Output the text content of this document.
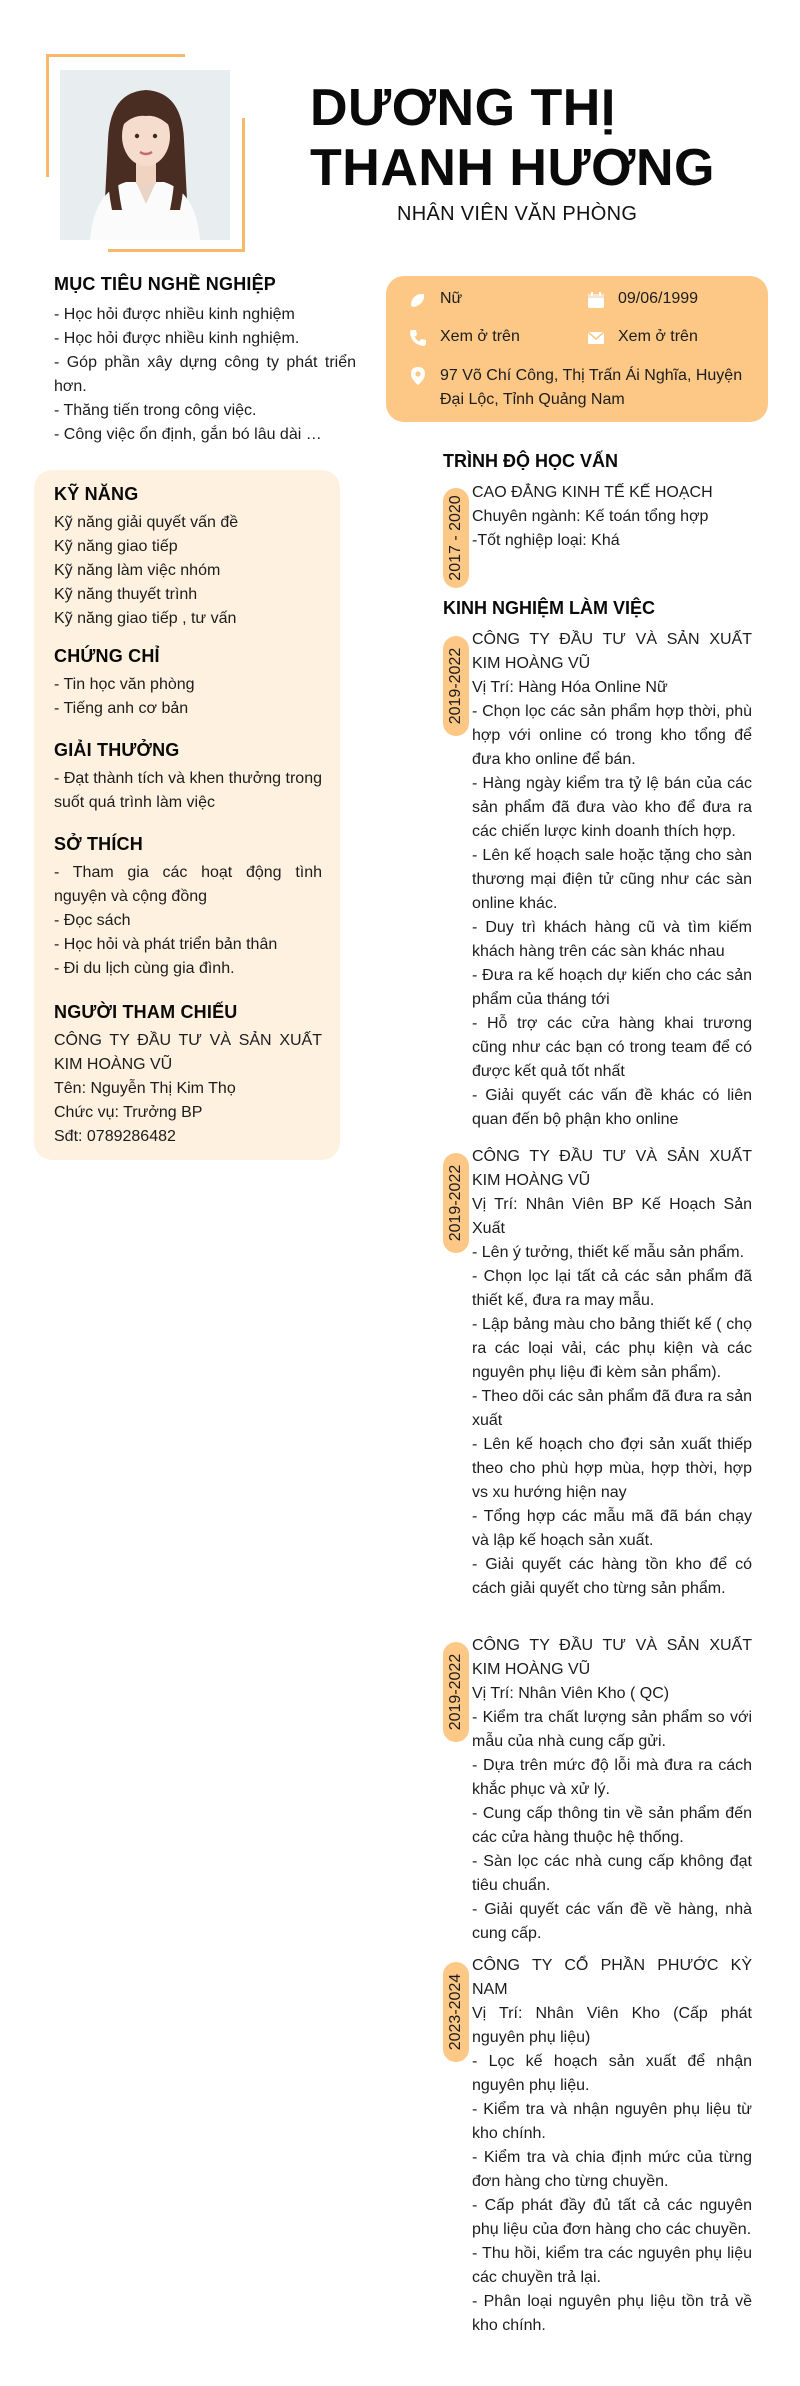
DƯƠNG THỊ
THANH HƯƠNG
NHÂN VIÊN VĂN PHÒNG
MỤC TIÊU NGHỀ NGHIỆP
- Học hỏi được nhiều kinh nghiệm
- Học hỏi được nhiều kinh nghiệm.
- Góp phần xây dựng công ty phát triển hơn.
- Thăng tiến trong công việc.
- Công việc ổn định, gắn bó lâu dài …
Nữ	09/06/1999
Xem ở trên	Xem ở trên
97 Võ Chí Công, Thị Trấn Ái Nghĩa, Huyện Đại Lộc, Tỉnh Quảng Nam
KỸ NĂNG
Kỹ năng giải quyết vấn đề
Kỹ năng giao tiếp
Kỹ năng làm việc nhóm
Kỹ năng thuyết trình
Kỹ năng giao tiếp , tư vấn
CHỨNG CHỈ
- Tin học văn phòng
- Tiếng anh cơ bản
GIẢI THƯỞNG
- Đạt thành tích và khen thưởng trong suốt quá trình làm việc
SỞ THÍCH
- Tham gia các hoạt động tình nguyện và cộng đồng
- Đọc sách
- Học hỏi và phát triển bản thân
- Đi du lịch cùng gia đình.
NGƯỜI THAM CHIẾU
CÔNG TY ĐẦU TƯ VÀ SẢN XUẤT KIM HOÀNG VŨ
Tên: Nguyễn Thị Kim Thọ
Chức vụ: Trưởng BP
Sđt: 0789286482
TRÌNH ĐỘ HỌC VẤN
2017 - 2020
CAO ĐẲNG KINH TẾ KẾ HOẠCH
Chuyên ngành: Kế toán tổng hợp
-Tốt nghiệp loại: Khá
KINH NGHIỆM LÀM VIỆC
2019-2022
CÔNG TY ĐẦU TƯ VÀ SẢN XUẤT KIM HOÀNG VŨ
Vị Trí: Hàng Hóa Online Nữ
- Chọn lọc các sản phẩm hợp thời, phù hợp với online có trong kho tổng để đưa kho online để bán.
- Hàng ngày kiểm tra tỷ lệ bán của các sản phẩm đã đưa vào kho để đưa ra các chiến lược kinh doanh thích hợp.
- Lên kế hoạch sale hoặc tặng cho sàn thương mại điện tử cũng như các sàn online khác.
- Duy trì khách hàng cũ và tìm kiếm khách hàng trên các sàn khác nhau
- Đưa ra kế hoạch dự kiến cho các sản phẩm của tháng tới
- Hỗ trợ các cửa hàng khai trương cũng như các bạn có trong team để có được kết quả tốt nhất
- Giải quyết các vấn đề khác có liên quan đến bộ phận kho online
2019-2022
CÔNG TY ĐẦU TƯ VÀ SẢN XUẤT KIM HOÀNG VŨ
Vị Trí: Nhân Viên BP Kế Hoạch Sản Xuất
- Lên ý tưởng, thiết kế mẫu sản phẩm.
- Chọn lọc lại tất cả các sản phẩm đã thiết kế, đưa ra may mẫu.
- Lập bảng màu cho bảng thiết kế ( chọ ra các loại vải, các phụ kiện và các nguyên phụ liệu đi kèm sản phẩm).
- Theo dõi các sản phẩm đã đưa ra sản xuất
- Lên kế hoạch cho đợi sản xuất thiếp theo cho phù hợp mùa, hợp thời, hợp vs xu hướng hiện nay
- Tổng hợp các mẫu mã đã bán chạy và lập kế hoạch sản xuất.
- Giải quyết các hàng tồn kho để có cách giải quyết cho từng sản phẩm.
2019-2022
CÔNG TY ĐẦU TƯ VÀ SẢN XUẤT KIM HOÀNG VŨ
Vị Trí: Nhân Viên Kho ( QC)
- Kiểm tra chất lượng sản phẩm so với mẫu của nhà cung cấp gửi.
- Dựa trên mức độ lỗi mà đưa ra cách khắc phục và xử lý.
- Cung cấp thông tin về sản phẩm đến các cửa hàng thuộc hệ thống.
- Sàn lọc các nhà cung cấp không đạt tiêu chuẩn.
- Giải quyết các vấn đề về hàng, nhà cung cấp.
2023-2024
CÔNG TY CỔ PHẦN PHƯỚC KỲ NAM
Vị Trí: Nhân Viên Kho (Cấp phát nguyên phụ liệu)
- Lọc kế hoạch sản xuất để nhận nguyên phụ liệu.
- Kiểm tra và nhận nguyên phụ liệu từ kho chính.
- Kiểm tra và chia định mức của từng đơn hàng cho từng chuyền.
- Cấp phát đầy đủ tất cả các nguyên phụ liệu của đơn hàng cho các chuyền.
- Thu hồi, kiểm tra các nguyên phụ liệu các chuyền trả lại.
- Phân loại nguyên phụ liệu tồn trả về kho chính.
